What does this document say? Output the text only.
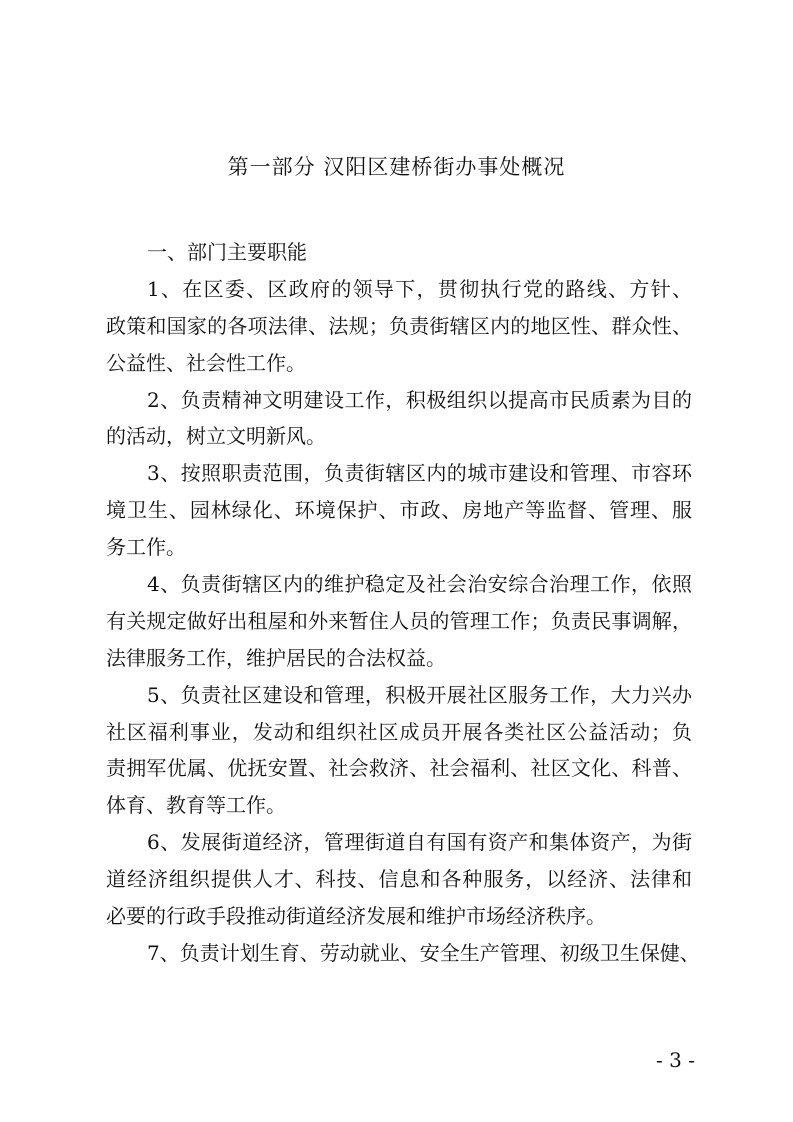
第一部分 汉阳区建桥街办事处概况
一、部门主要职能
1、在区委、区政府的领导下，贯彻执行党的路线、方针、
政策和国家的各项法律、法规；负责街辖区内的地区性、群众性、
公益性、社会性工作。
2、负责精神文明建设工作，积极组织以提高市民质素为目的
的活动，树立文明新风。
3、按照职责范围，负责街辖区内的城市建设和管理、市容环
境卫生、园林绿化、环境保护、市政、房地产等监督、管理、服
务工作。
4、负责街辖区内的维护稳定及社会治安综合治理工作，依照
有关规定做好出租屋和外来暂住人员的管理工作；负责民事调解，
法律服务工作，维护居民的合法权益。
5、负责社区建设和管理，积极开展社区服务工作，大力兴办
社区福利事业，发动和组织社区成员开展各类社区公益活动；负
责拥军优属、优抚安置、社会救济、社会福利、社区文化、科普、
体育、教育等工作。
6、发展街道经济，管理街道自有国有资产和集体资产，为街
道经济组织提供人才、科技、信息和各种服务，以经济、法律和
必要的行政手段推动街道经济发展和维护市场经济秩序。
7、负责计划生育、劳动就业、安全生产管理、初级卫生保健、
- 3 -
